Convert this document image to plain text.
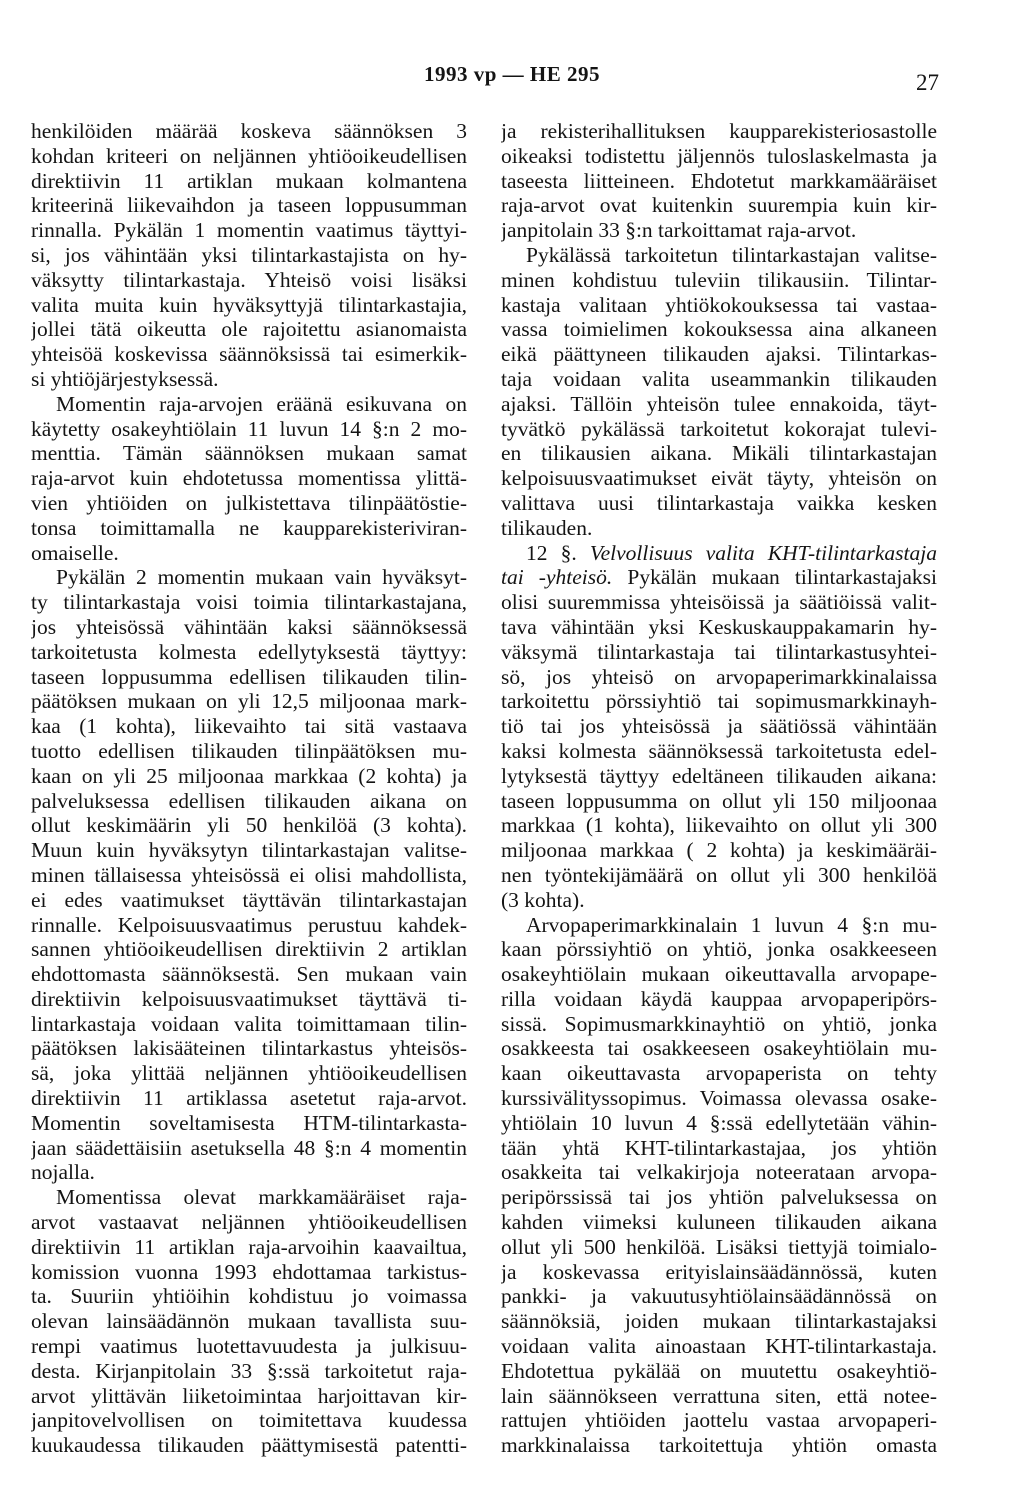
1993 vp — HE 295	27
henkilöiden määrää koskeva säännöksen 3
kohdan kriteeri on neljännen yhtiöoikeudellisen
direktiivin 11 artiklan mukaan kolmantena
kriteerinä liikevaihdon ja taseen loppusumman
rinnalla. Pykälän 1 momentin vaatimus täyttyi-
si, jos vähintään yksi tilintarkastajista on hy-
väksytty tilintarkastaja. Yhteisö voisi lisäksi
valita muita kuin hyväksyttyjä tilintarkastajia,
jollei tätä oikeutta ole rajoitettu asianomaista
yhteisöä koskevissa säännöksissä tai esimerkik-
si yhtiöjärjestyksessä.
Momentin raja-arvojen eräänä esikuvana on
käytetty osakeyhtiölain 11 luvun 14 §:n 2 mo-
menttia. Tämän säännöksen mukaan samat
raja-arvot kuin ehdotetussa momentissa ylittä-
vien yhtiöiden on julkistettava tilinpäätöstie-
tonsa toimittamalla ne kaupparekisteriviran-
omaiselle.
Pykälän 2 momentin mukaan vain hyväksyt-
ty tilintarkastaja voisi toimia tilintarkastajana,
jos yhteisössä vähintään kaksi säännöksessä
tarkoitetusta kolmesta edellytyksestä täyttyy:
taseen loppusumma edellisen tilikauden tilin-
päätöksen mukaan on yli 12,5 miljoonaa mark-
kaa (1 kohta), liikevaihto tai sitä vastaava
tuotto edellisen tilikauden tilinpäätöksen mu-
kaan on yli 25 miljoonaa markkaa (2 kohta) ja
palveluksessa edellisen tilikauden aikana on
ollut keskimäärin yli 50 henkilöä (3 kohta).
Muun kuin hyväksytyn tilintarkastajan valitse-
minen tällaisessa yhteisössä ei olisi mahdollista,
ei edes vaatimukset täyttävän tilintarkastajan
rinnalle. Kelpoisuusvaatimus perustuu kahdek-
sannen yhtiöoikeudellisen direktiivin 2 artiklan
ehdottomasta säännöksestä. Sen mukaan vain
direktiivin kelpoisuusvaatimukset täyttävä ti-
lintarkastaja voidaan valita toimittamaan tilin-
päätöksen lakisääteinen tilintarkastus yhteisös-
sä, joka ylittää neljännen yhtiöoikeudellisen
direktiivin 11 artiklassa asetetut raja-arvot.
Momentin soveltamisesta HTM-tilintarkasta-
jaan säädettäisiin asetuksella 48 §:n 4 momentin
nojalla.
Momentissa olevat markkamääräiset raja-
arvot vastaavat neljännen yhtiöoikeudellisen
direktiivin 11 artiklan raja-arvoihin kaavailtua,
komission vuonna 1993 ehdottamaa tarkistus-
ta. Suuriin yhtiöihin kohdistuu jo voimassa
olevan lainsäädännön mukaan tavallista suu-
rempi vaatimus luotettavuudesta ja julkisuu-
desta. Kirjanpitolain 33 §:ssä tarkoitetut raja-
arvot ylittävän liiketoimintaa harjoittavan kir-
janpitovelvollisen on toimitettava kuudessa
kuukaudessa tilikauden päättymisestä patentti-
ja rekisterihallituksen kaupparekisteriosastolle
oikeaksi todistettu jäljennös tuloslaskelmasta ja
taseesta liitteineen. Ehdotetut markkamääräiset
raja-arvot ovat kuitenkin suurempia kuin kir-
janpitolain 33 §:n tarkoittamat raja-arvot.
Pykälässä tarkoitetun tilintarkastajan valitse-
minen kohdistuu tuleviin tilikausiin. Tilintar-
kastaja valitaan yhtiökokouksessa tai vastaa-
vassa toimielimen kokouksessa aina alkaneen
eikä päättyneen tilikauden ajaksi. Tilintarkas-
taja voidaan valita useammankin tilikauden
ajaksi. Tällöin yhteisön tulee ennakoida, täyt-
tyvätkö pykälässä tarkoitetut kokorajat tulevi-
en tilikausien aikana. Mikäli tilintarkastajan
kelpoisuusvaatimukset eivät täyty, yhteisön on
valittava uusi tilintarkastaja vaikka kesken
tilikauden.
12 §. Velvollisuus valita KHT-tilintarkastaja
tai -yhteisö. Pykälän mukaan tilintarkastajaksi
olisi suuremmissa yhteisöissä ja säätiöissä valit-
tava vähintään yksi Keskuskauppakamarin hy-
väksymä tilintarkastaja tai tilintarkastusyhtei-
sö, jos yhteisö on arvopaperimarkkinalaissa
tarkoitettu pörssiyhtiö tai sopimusmarkkinayh-
tiö tai jos yhteisössä ja säätiössä vähintään
kaksi kolmesta säännöksessä tarkoitetusta edel-
lytyksestä täyttyy edeltäneen tilikauden aikana:
taseen loppusumma on ollut yli 150 miljoonaa
markkaa (1 kohta), liikevaihto on ollut yli 300
miljoonaa markkaa ( 2 kohta) ja keskimääräi-
nen työntekijämäärä on ollut yli 300 henkilöä
(3 kohta).
Arvopaperimarkkinalain 1 luvun 4 §:n mu-
kaan pörssiyhtiö on yhtiö, jonka osakkeeseen
osakeyhtiölain mukaan oikeuttavalla arvopape-
rilla voidaan käydä kauppaa arvopaperipörs-
sissä. Sopimusmarkkinayhtiö on yhtiö, jonka
osakkeesta tai osakkeeseen osakeyhtiölain mu-
kaan oikeuttavasta arvopaperista on tehty
kurssivälityssopimus. Voimassa olevassa osake-
yhtiölain 10 luvun 4 §:ssä edellytetään vähin-
tään yhtä KHT-tilintarkastajaa, jos yhtiön
osakkeita tai velkakirjoja noteerataan arvopa-
peripörssissä tai jos yhtiön palveluksessa on
kahden viimeksi kuluneen tilikauden aikana
ollut yli 500 henkilöä. Lisäksi tiettyjä toimialo-
ja koskevassa erityislainsäädännössä, kuten
pankki- ja vakuutusyhtiölainsäädännössä on
säännöksiä, joiden mukaan tilintarkastajaksi
voidaan valita ainoastaan KHT-tilintarkastaja.
Ehdotettua pykälää on muutettu osakeyhtiö-
lain säännökseen verrattuna siten, että notee-
rattujen yhtiöiden jaottelu vastaa arvopaperi-
markkinalaissa tarkoitettuja yhtiön omasta
